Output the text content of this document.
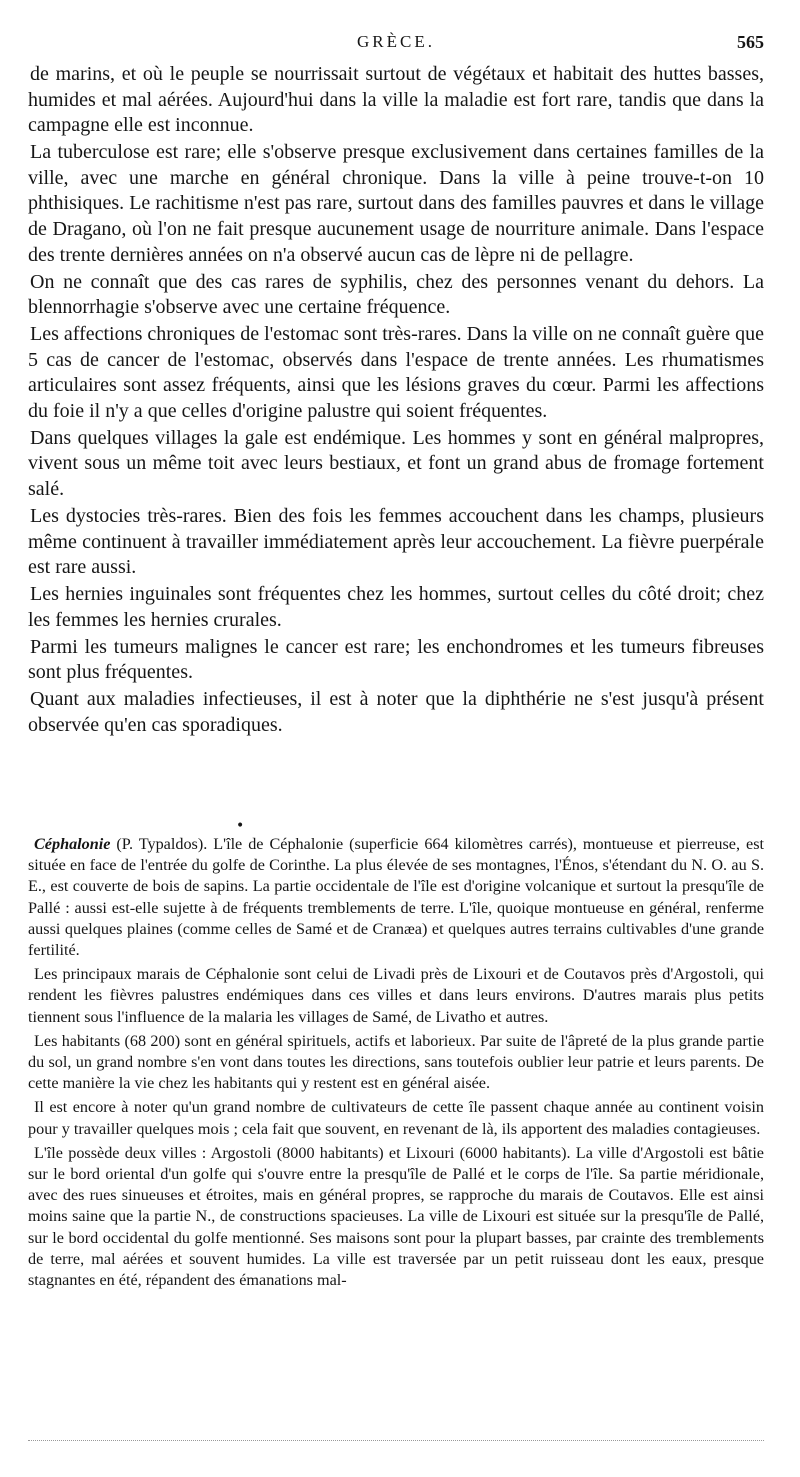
GRÈCE.	565

de marins, et où le peuple se nourrissait surtout de végétaux et habitait des huttes basses, humides et mal aérées. Aujourd'hui dans la ville la maladie est fort rare, tandis que dans la campagne elle est inconnue.

La tuberculose est rare; elle s'observe presque exclusivement dans certaines familles de la ville, avec une marche en général chronique. Dans la ville à peine trouve-t-on 10 phthisiques. Le rachitisme n'est pas rare, surtout dans des familles pauvres et dans le village de Dragano, où l'on ne fait presque aucunement usage de nourriture animale. Dans l'espace des trente dernières années on n'a observé aucun cas de lèpre ni de pellagre.

On ne connaît que des cas rares de syphilis, chez des personnes venant du dehors. La blennorrhagie s'observe avec une certaine fréquence.

Les affections chroniques de l'estomac sont très-rares. Dans la ville on ne connaît guère que 5 cas de cancer de l'estomac, observés dans l'espace de trente années. Les rhumatismes articulaires sont assez fréquents, ainsi que les lésions graves du cœur. Parmi les affections du foie il n'y a que celles d'origine palustre qui soient fréquentes.

Dans quelques villages la gale est endémique. Les hommes y sont en général malpropres, vivent sous un même toit avec leurs bestiaux, et font un grand abus de fromage fortement salé.

Les dystocies très-rares. Bien des fois les femmes accouchent dans les champs, plusieurs même continuent à travailler immédiatement après leur accouchement. La fièvre puerpérale est rare aussi.

Les hernies inguinales sont fréquentes chez les hommes, surtout celles du côté droit; chez les femmes les hernies crurales.

Parmi les tumeurs malignes le cancer est rare; les enchondromes et les tumeurs fibreuses sont plus fréquentes.

Quant aux maladies infectieuses, il est à noter que la diphthérie ne s'est jusqu'à présent observée qu'en cas sporadiques.

•

Céphalonie (P. Typaldos). L'île de Céphalonie (superficie 664 kilomètres carrés), montueuse et pierreuse, est située en face de l'entrée du golfe de Corinthe. La plus élevée de ses montagnes, l'Énos, s'étendant du N. O. au S. E., est couverte de bois de sapins. La partie occidentale de l'île est d'origine volcanique et surtout la presqu'île de Pallé : aussi est-elle sujette à de fréquents tremblements de terre. L'île, quoique montueuse en général, renferme aussi quelques plaines (comme celles de Samé et de Cranæa) et quelques autres terrains cultivables d'une grande fertilité.

Les principaux marais de Céphalonie sont celui de Livadi près de Lixouri et de Coutavos près d'Argostoli, qui rendent les fièvres palustres endémiques dans ces villes et dans leurs environs. D'autres marais plus petits tiennent sous l'influence de la malaria les villages de Samé, de Livatho et autres.

Les habitants (68 200) sont en général spirituels, actifs et laborieux. Par suite de l'âpreté de la plus grande partie du sol, un grand nombre s'en vont dans toutes les directions, sans toutefois oublier leur patrie et leurs parents. De cette manière la vie chez les habitants qui y restent est en général aisée.

Il est encore à noter qu'un grand nombre de cultivateurs de cette île passent chaque année au continent voisin pour y travailler quelques mois ; cela fait que souvent, en revenant de là, ils apportent des maladies contagieuses.

L'île possède deux villes : Argostoli (8000 habitants) et Lixouri (6000 habitants). La ville d'Argostoli est bâtie sur le bord oriental d'un golfe qui s'ouvre entre la presqu'île de Pallé et le corps de l'île. Sa partie méridionale, avec des rues sinueuses et étroites, mais en général propres, se rapproche du marais de Coutavos. Elle est ainsi moins saine que la partie N., de constructions spacieuses. La ville de Lixouri est située sur la presqu'île de Pallé, sur le bord occidental du golfe mentionné. Ses maisons sont pour la plupart basses, par crainte des tremblements de terre, mal aérées et souvent humides. La ville est traversée par un petit ruisseau dont les eaux, presque stagnantes en été, répandent des émanations mal-
